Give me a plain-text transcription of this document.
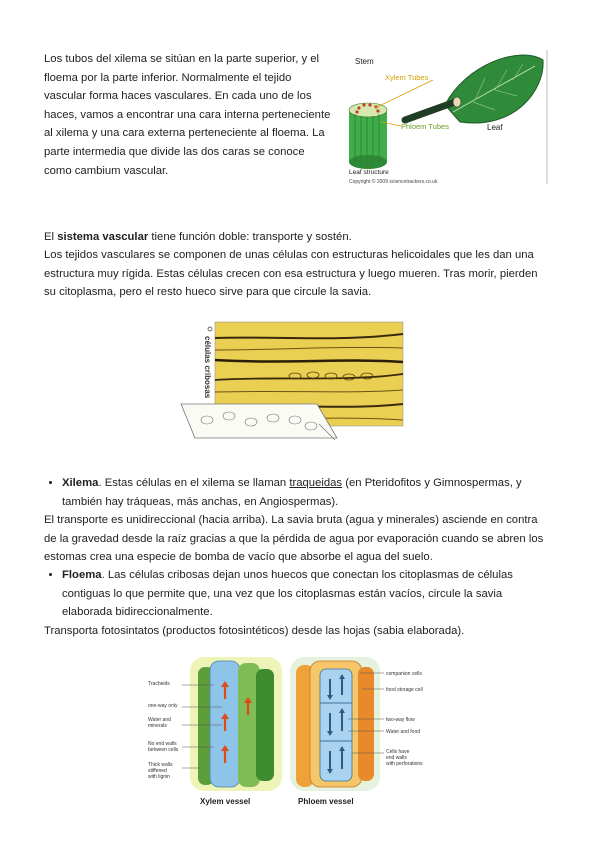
Los tubos del xilema se sitúan en la parte superior, y el floema por la parte inferior. Normalmente el tejido vascular forma haces vasculares. En cada uno de los haces, vamos a encontrar una cara interna perteneciente al xilema y una cara externa perteneciente al floema. La parte intermedia que divide las dos caras se conoce como cambium vascular.

Stem
Xylem Tubes
Phloem Tubes	Leaf
Leaf structure
Copyright © 2009 sciencetrackers.co.uk

El sistema vascular tiene función doble: transporte y sostén.

Los tejidos vasculares se componen de unas células con estructuras helicoidales que les dan una estructura muy rígida. Estas células crecen con esa estructura y luego mueren. Tras morir, pierden su citoplasma, pero el resto hueco sirve para que circule la savia.

células cribosas
• Xilema. Estas células en el xilema se llaman traqueidas (en Pteridofitos y Gimnospermas, y también hay tráqueas, más anchas, en Angiospermas).

El transporte es unidireccional (hacia arriba). La savia bruta (agua y minerales) asciende en contra de la gravedad desde la raíz gracias a que la pérdida de agua por evaporación cuando se abren los estomas crea una especie de bomba de vacío que absorbe el agua del suelo.

• Floema. Las células cribosas dejan unos huecos que conectan los citoplasmas de células contiguas lo que permite que, una vez que los citoplasmas están vacíos, circule la savia elaborada bidireccionalmente.

Transporta fotosintatos (productos fotosintéticos) desde las hojas (sabia elaborada).

Tracheids
one-way only
Water and
minerals
No end walls
between cells
Thick walls
stiffened
with lignin
Xylem vessel
companion cells
food storage cell
two-way flow
Water and food
Cells have
end walls
with perforations
Phloem vessel
